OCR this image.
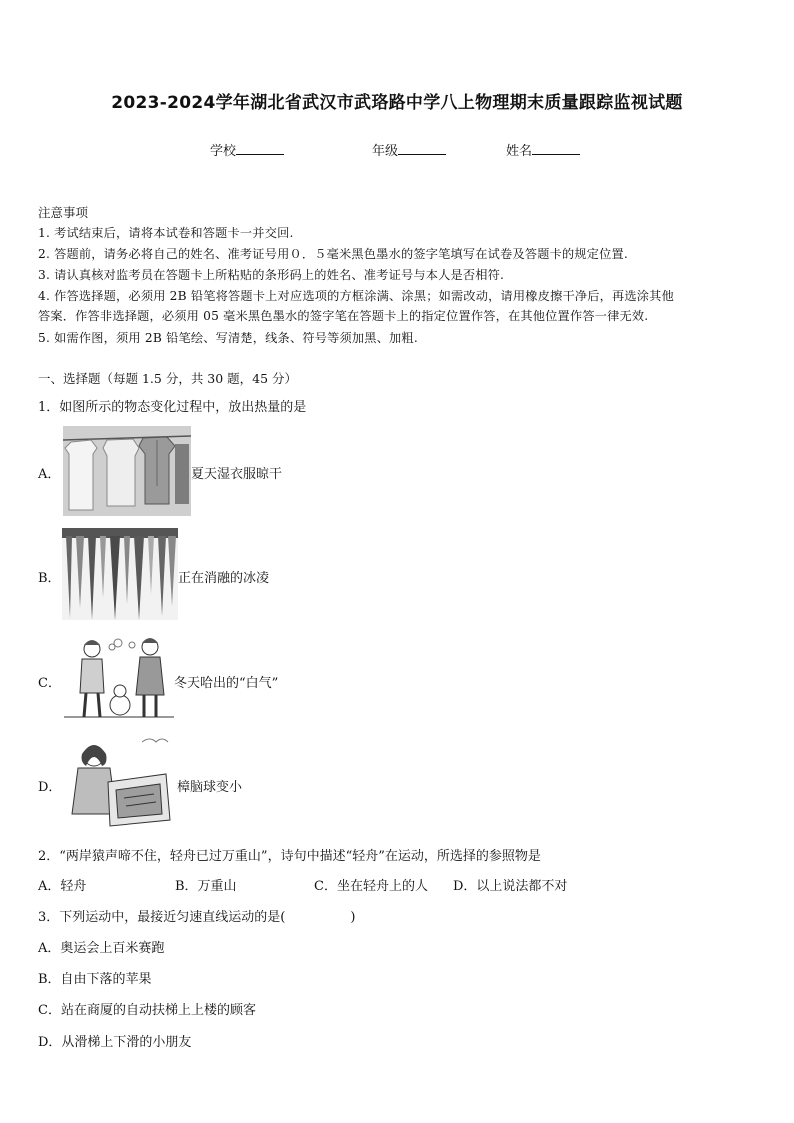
2023-2024学年湖北省武汉市武珞路中学八上物理期末质量跟踪监视试题
学校	年级	姓名
注意事项
1. 考试结束后，请将本试卷和答题卡一并交回.
2. 答题前，请务必将自己的姓名、准考证号用０．５毫米黑色墨水的签字笔填写在试卷及答题卡的规定位置.
3. 请认真核对监考员在答题卡上所粘贴的条形码上的姓名、准考证号与本人是否相符.
4. 作答选择题，必须用 2B 铅笔将答题卡上对应选项的方框涂满、涂黑；如需改动，请用橡皮擦干净后，再选涂其他
答案．作答非选择题，必须用 05 毫米黑色墨水的签字笔在答题卡上的指定位置作答，在其他位置作答一律无效.
5. 如需作图，须用 2B 铅笔绘、写清楚，线条、符号等须加黑、加粗.
一、选择题（每题 1.5 分，共 30 题，45 分）
1．如图所示的物态变化过程中，放出热量的是
A．	夏天湿衣服晾干
B．	正在消融的冰凌
C．	冬天哈出的“白气”
D．	樟脑球变小
2．“两岸猿声啼不住，轻舟已过万重山”，诗句中描述“轻舟”在运动，所选择的参照物是
A．轻舟	B．万重山	C．坐在轻舟上的人 D．以上说法都不对
3．下列运动中，最接近匀速直线运动的是(　　　　　)
A．奥运会上百米赛跑
B．自由下落的苹果
C．站在商厦的自动扶梯上上楼的顾客
D．从滑梯上下滑的小朋友
